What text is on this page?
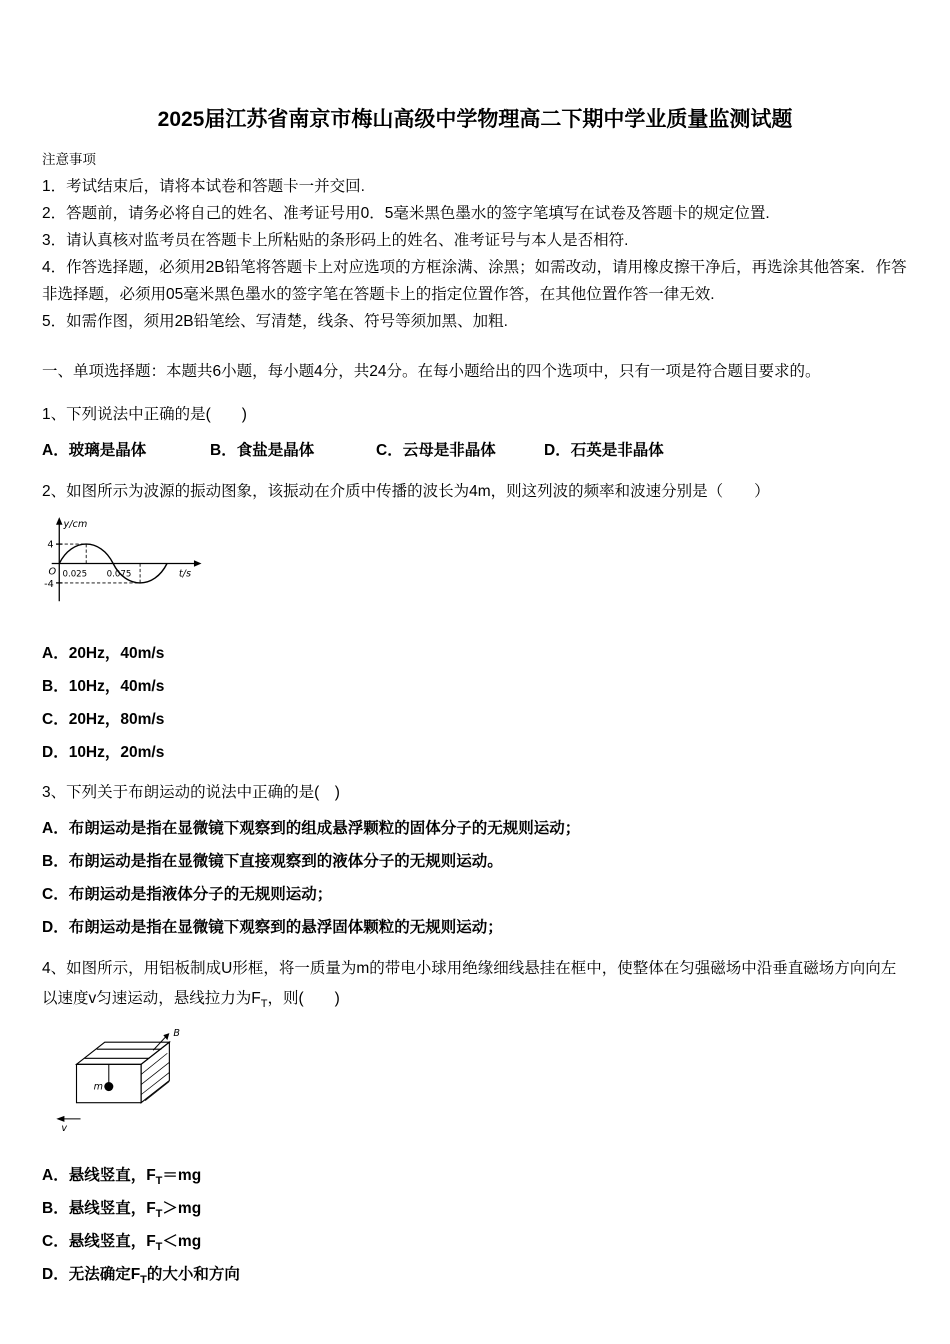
2025届江苏省南京市梅山高级中学物理高二下期中学业质量监测试题
注意事项
1．考试结束后，请将本试卷和答题卡一并交回.
2．答题前，请务必将自己的姓名、准考证号用0．5毫米黑色墨水的签字笔填写在试卷及答题卡的规定位置.
3．请认真核对监考员在答题卡上所粘贴的条形码上的姓名、准考证号与本人是否相符.
4．作答选择题，必须用2B铅笔将答题卡上对应选项的方框涂满、涂黑；如需改动，请用橡皮擦干净后，再选涂其他答案．作答非选择题，必须用05毫米黑色墨水的签字笔在答题卡上的指定位置作答，在其他位置作答一律无效.
5．如需作图，须用2B铅笔绘、写清楚，线条、符号等须加黑、加粗.
一、单项选择题：本题共6小题，每小题4分，共24分。在每小题给出的四个选项中，只有一项是符合题目要求的。
1、下列说法中正确的是(　　)
A．玻璃是晶体	B．食盐是晶体	C．云母是非晶体	D．石英是非晶体
2、如图所示为波源的振动图象，该振动在介质中传播的波长为4m，则这列波的频率和波速分别是（　　）
y/cm
4
-4
O 0.025 0.075	t/s
A．20Hz，40m/s
B．10Hz，40m/s
C．20Hz，80m/s
D．10Hz，20m/s
3、下列关于布朗运动的说法中正确的是(　)
A．布朗运动是指在显微镜下观察到的组成悬浮颗粒的固体分子的无规则运动；
B．布朗运动是指在显微镜下直接观察到的液体分子的无规则运动。
C．布朗运动是指液体分子的无规则运动；
D．布朗运动是指在显微镜下观察到的悬浮固体颗粒的无规则运动；
4、如图所示，用铝板制成U形框，将一质量为m的带电小球用绝缘细线悬挂在框中，使整体在匀强磁场中沿垂直磁场方向向左以速度v匀速运动，悬线拉力为$F_T$，则(　　)
B
m
v
A．悬线竖直，$F_T=mg$
B．悬线竖直，$F_T>mg$
C．悬线竖直，$F_T<mg$
D．无法确定$F_T$的大小和方向
